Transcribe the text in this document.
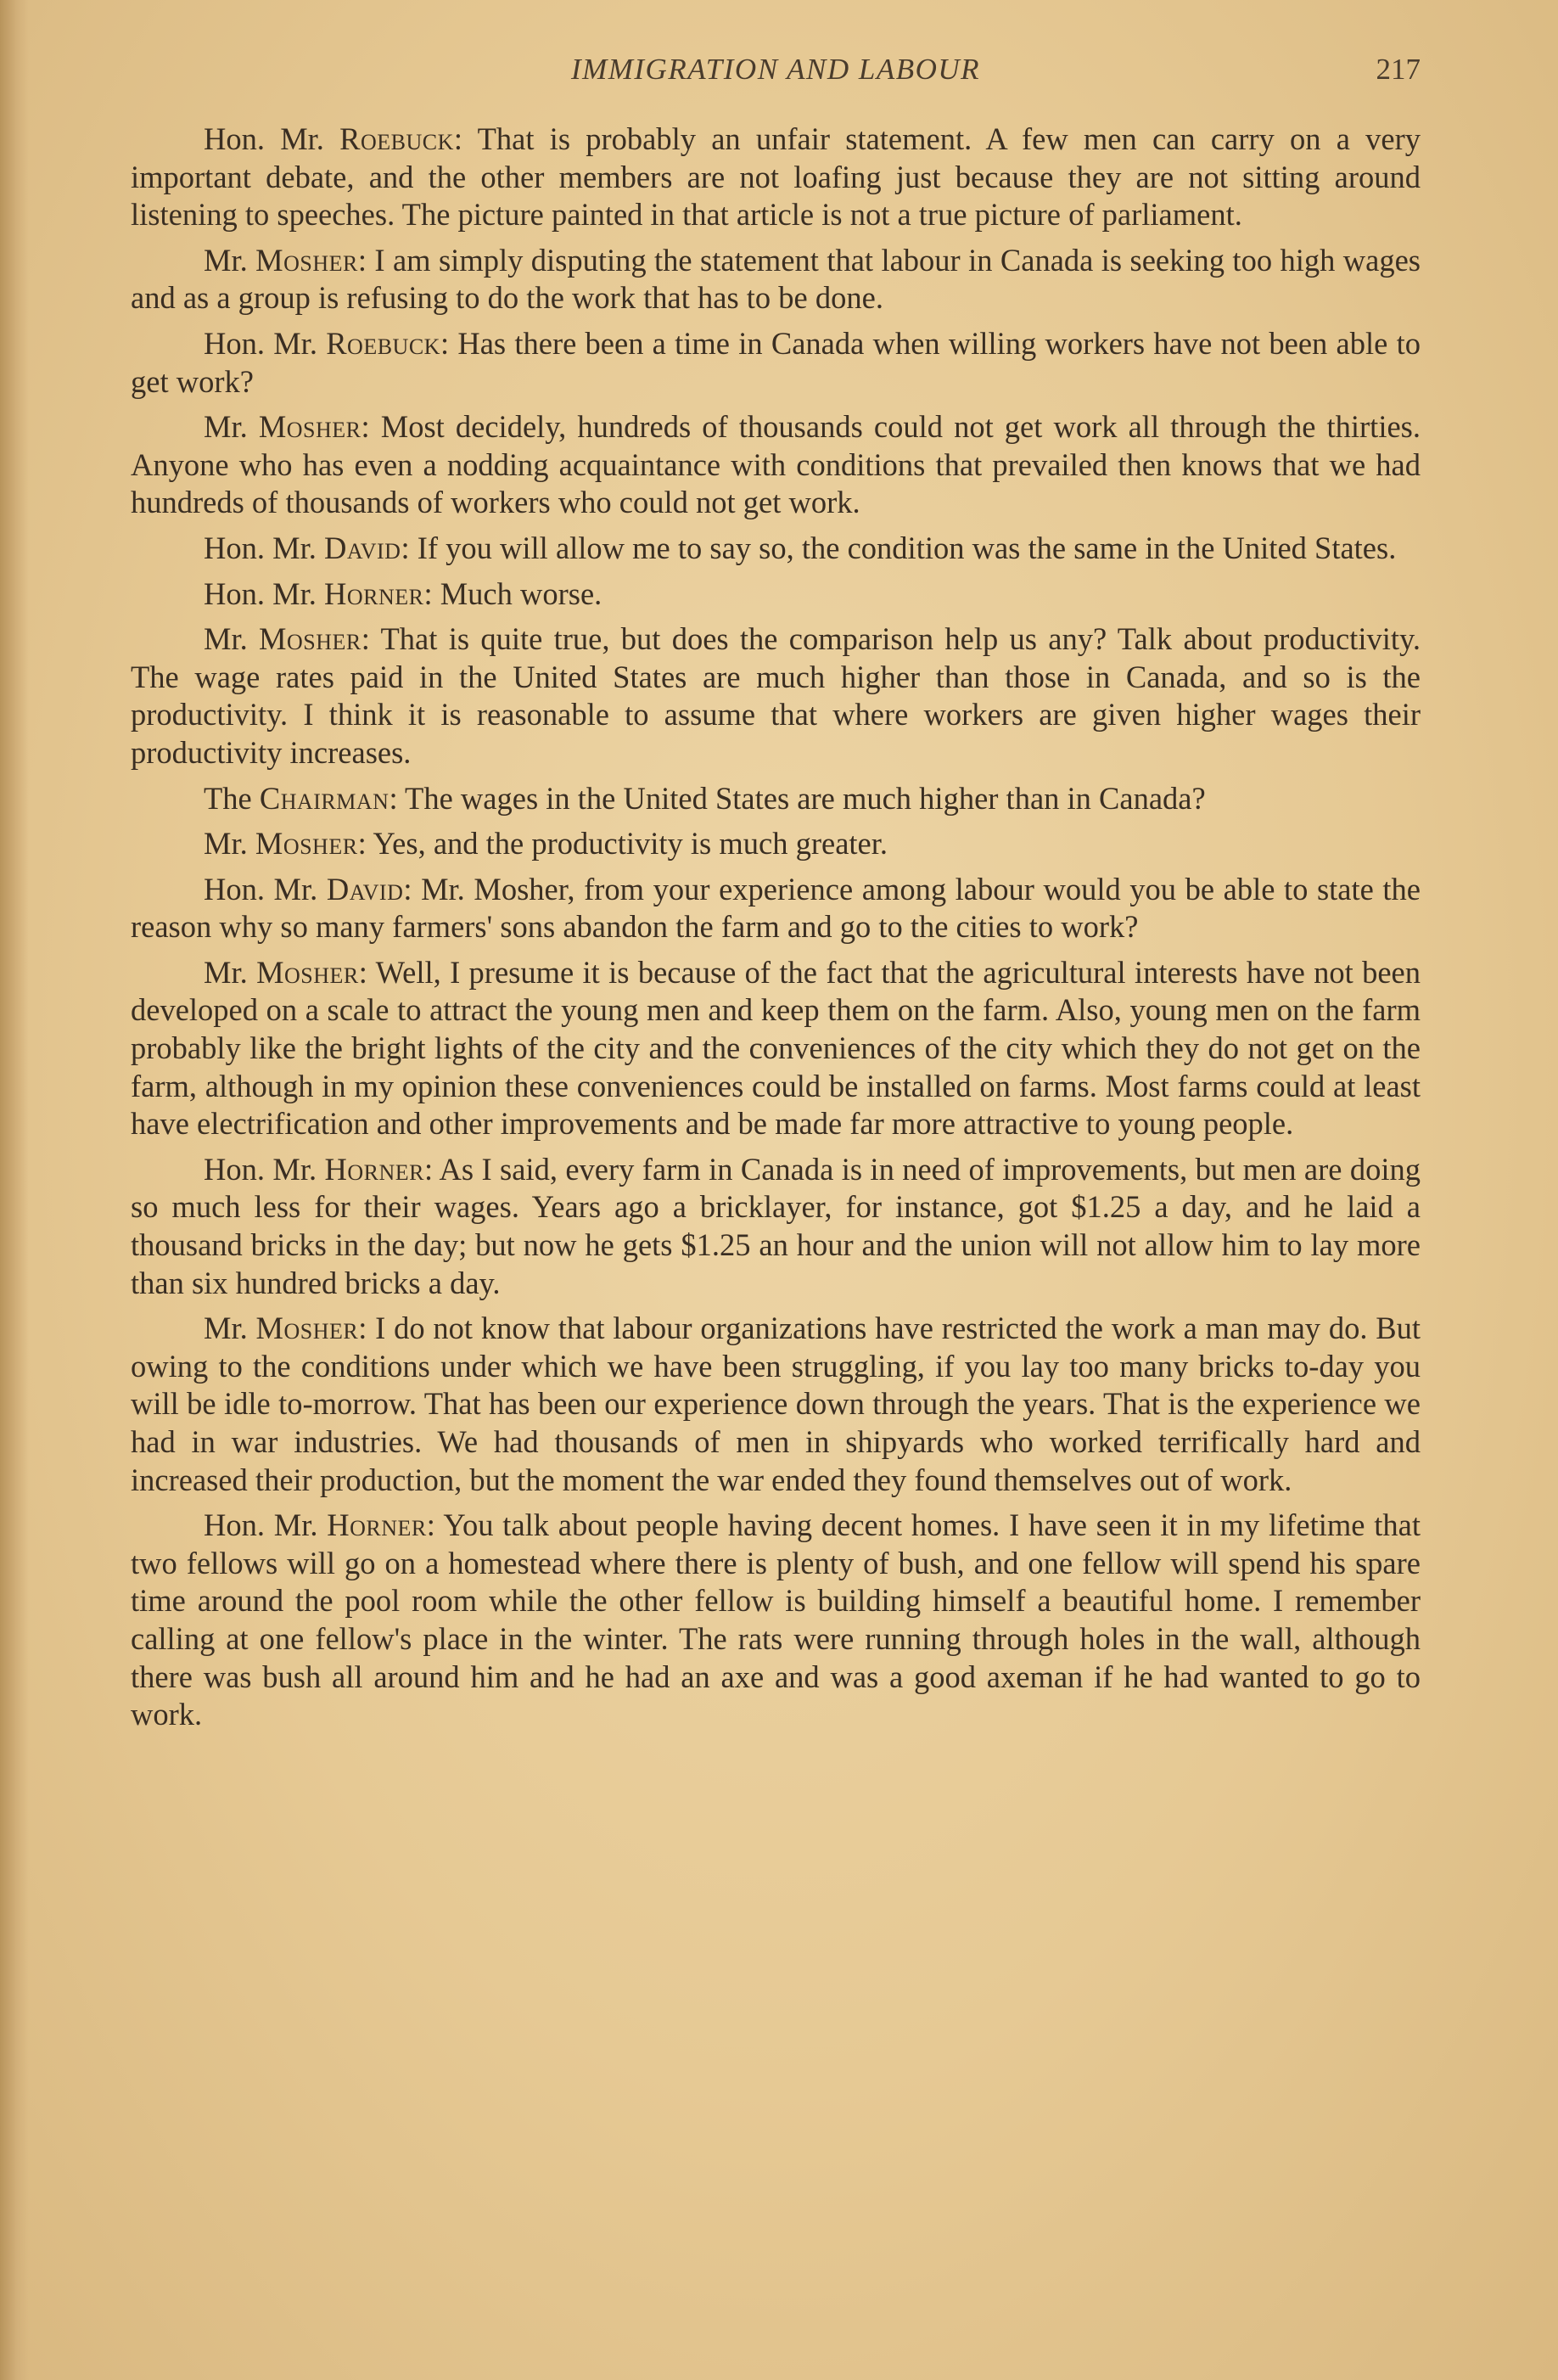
IMMIGRATION AND LABOUR	217

Hon. Mr. Roebuck: That is probably an unfair statement. A few men can carry on a very important debate, and the other members are not loafing just because they are not sitting around listening to speeches. The picture painted in that article is not a true picture of parliament.

Mr. Mosher: I am simply disputing the statement that labour in Canada is seeking too high wages and as a group is refusing to do the work that has to be done.

Hon. Mr. Roebuck: Has there been a time in Canada when willing workers have not been able to get work?

Mr. Mosher: Most decidely, hundreds of thousands could not get work all through the thirties. Anyone who has even a nodding acquaintance with conditions that prevailed then knows that we had hundreds of thousands of workers who could not get work.

Hon. Mr. David: If you will allow me to say so, the condition was the same in the United States.

Hon. Mr. Horner: Much worse.

Mr. Mosher: That is quite true, but does the comparison help us any? Talk about productivity. The wage rates paid in the United States are much higher than those in Canada, and so is the productivity. I think it is reasonable to assume that where workers are given higher wages their productivity increases.

The Chairman: The wages in the United States are much higher than in Canada?

Mr. Mosher: Yes, and the productivity is much greater.

Hon. Mr. David: Mr. Mosher, from your experience among labour would you be able to state the reason why so many farmers' sons abandon the farm and go to the cities to work?

Mr. Mosher: Well, I presume it is because of the fact that the agricultural interests have not been developed on a scale to attract the young men and keep them on the farm. Also, young men on the farm probably like the bright lights of the city and the conveniences of the city which they do not get on the farm, although in my opinion these conveniences could be installed on farms. Most farms could at least have electrification and other improvements and be made far more attractive to young people.

Hon. Mr. Horner: As I said, every farm in Canada is in need of improvements, but men are doing so much less for their wages. Years ago a bricklayer, for instance, got $1.25 a day, and he laid a thousand bricks in the day; but now he gets $1.25 an hour and the union will not allow him to lay more than six hundred bricks a day.

Mr. Mosher: I do not know that labour organizations have restricted the work a man may do. But owing to the conditions under which we have been struggling, if you lay too many bricks to-day you will be idle to-morrow. That has been our experience down through the years. That is the experience we had in war industries. We had thousands of men in shipyards who worked terrifically hard and increased their production, but the moment the war ended they found themselves out of work.

Hon. Mr. Horner: You talk about people having decent homes. I have seen it in my lifetime that two fellows will go on a homestead where there is plenty of bush, and one fellow will spend his spare time around the pool room while the other fellow is building himself a beautiful home. I remember calling at one fellow's place in the winter. The rats were running through holes in the wall, although there was bush all around him and he had an axe and was a good axeman if he had wanted to go to work.
